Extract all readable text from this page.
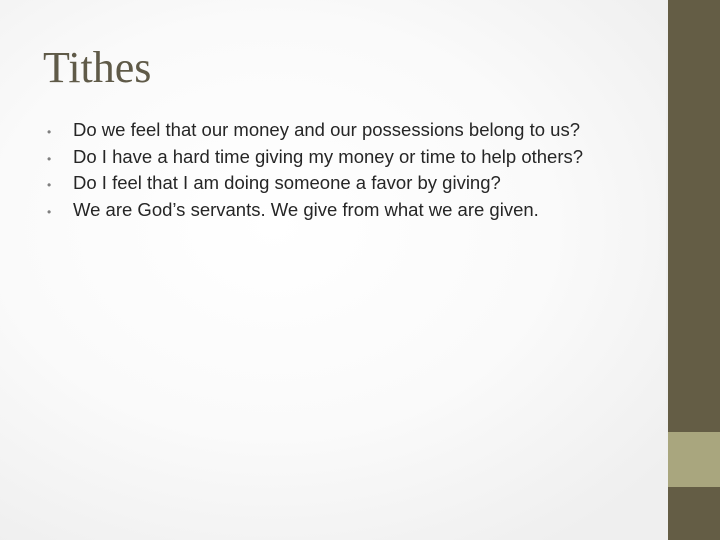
Tithes
•	Do we feel that our money and our possessions belong to us?
•	Do I have a hard time giving my money or time to help others?
•	Do I feel that I am doing someone a favor by giving?
•	We are God’s servants. We give from what we are given.
